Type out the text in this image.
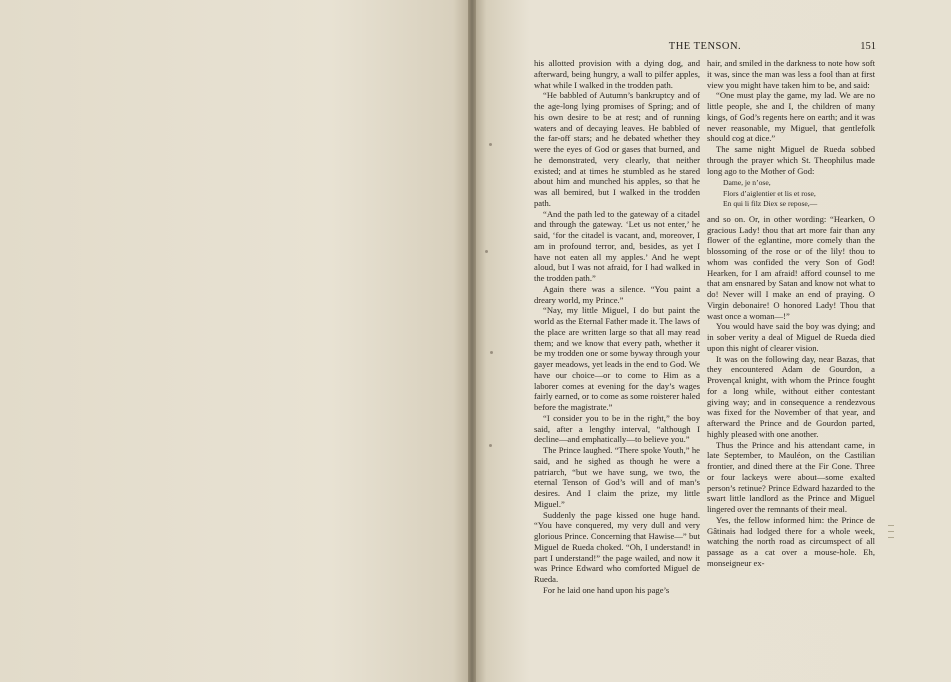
THE TENSON.	151

his allotted provision with a dying dog, and afterward, being hungry, a wall to pilfer apples, what while I walked in the trodden path.

“He babbled of Autumn’s bankruptcy and of the age-long lying promises of Spring; and of his own desire to be at rest; and of running waters and of decaying leaves. He babbled of the far-off stars; and he debated whether they were the eyes of God or gases that burned, and he demonstrated, very clearly, that neither existed; and at times he stumbled as he stared about him and munched his apples, so that he was all bemired, but I walked in the trodden path.

“And the path led to the gateway of a citadel and through the gateway. ‘Let us not enter,’ he said, ‘for the citadel is vacant, and, moreover, I am in profound terror, and, besides, as yet I have not eaten all my apples.’ And he wept aloud, but I was not afraid, for I had walked in the trodden path.”

Again there was a silence. “You paint a dreary world, my Prince.”

“Nay, my little Miguel, I do but paint the world as the Eternal Father made it. The laws of the place are written large so that all may read them; and we know that every path, whether it be my trodden one or some byway through your gayer meadows, yet leads in the end to God. We have our choice—or to come to Him as a laborer comes at evening for the day’s wages fairly earned, or to come as some roisterer haled before the magistrate.”

“I consider you to be in the right,” the boy said, after a lengthy interval, “although I decline—and emphatically—to believe you.”

The Prince laughed. “There spoke Youth,” he said, and he sighed as though he were a patriarch, “but we have sung, we two, the eternal Tenson of God’s will and of man’s desires. And I claim the prize, my little Miguel.”

Suddenly the page kissed one huge hand. “You have conquered, my very dull and very glorious Prince. Concerning that Hawise—” but Miguel de Rueda choked. “Oh, I understand! in part I understand!” the page wailed, and now it was Prince Edward who comforted Miguel de Rueda.

For he laid one hand upon his page’s

hair, and smiled in the darkness to note how soft it was, since the man was less a fool than at first view you might have taken him to be, and said:

“One must play the game, my lad. We are no little people, she and I, the children of many kings, of God’s regents here on earth; and it was never reasonable, my Miguel, that gentlefolk should cog at dice.”

The same night Miguel de Rueda sobbed through the prayer which St. Theophilus made long ago to the Mother of God:

Dame, je n’ose,
Flors d’aiglentier et lis et rose,
En qui li filz Diex se repose,—

and so on. Or, in other wording: “Hearken, O gracious Lady! thou that art more fair than any flower of the eglantine, more comely than the blossoming of the rose or of the lily! thou to whom was confided the very Son of God! Hearken, for I am afraid! afford counsel to me that am ensnared by Satan and know not what to do! Never will I make an end of praying. O Virgin debonaire! O honored Lady! Thou that wast once a woman—!”

You would have said the boy was dying; and in sober verity a deal of Miguel de Rueda died upon this night of clearer vision.

It was on the following day, near Bazas, that they encountered Adam de Gourdon, a Provençal knight, with whom the Prince fought for a long while, without either contestant giving way; and in consequence a rendezvous was fixed for the November of that year, and afterward the Prince and de Gourdon parted, highly pleased with one another.

Thus the Prince and his attendant came, in late September, to Mauléon, on the Castilian frontier, and dined there at the Fir Cone. Three or four lackeys were about—some exalted person’s retinue? Prince Edward hazarded to the swart little landlord as the Prince and Miguel lingered over the remnants of their meal.

Yes, the fellow informed him: the Prince de Gâtinais had lodged there for a whole week, watching the north road as circumspect of all passage as a cat over a mouse-hole. Eh, monseigneur ex-
